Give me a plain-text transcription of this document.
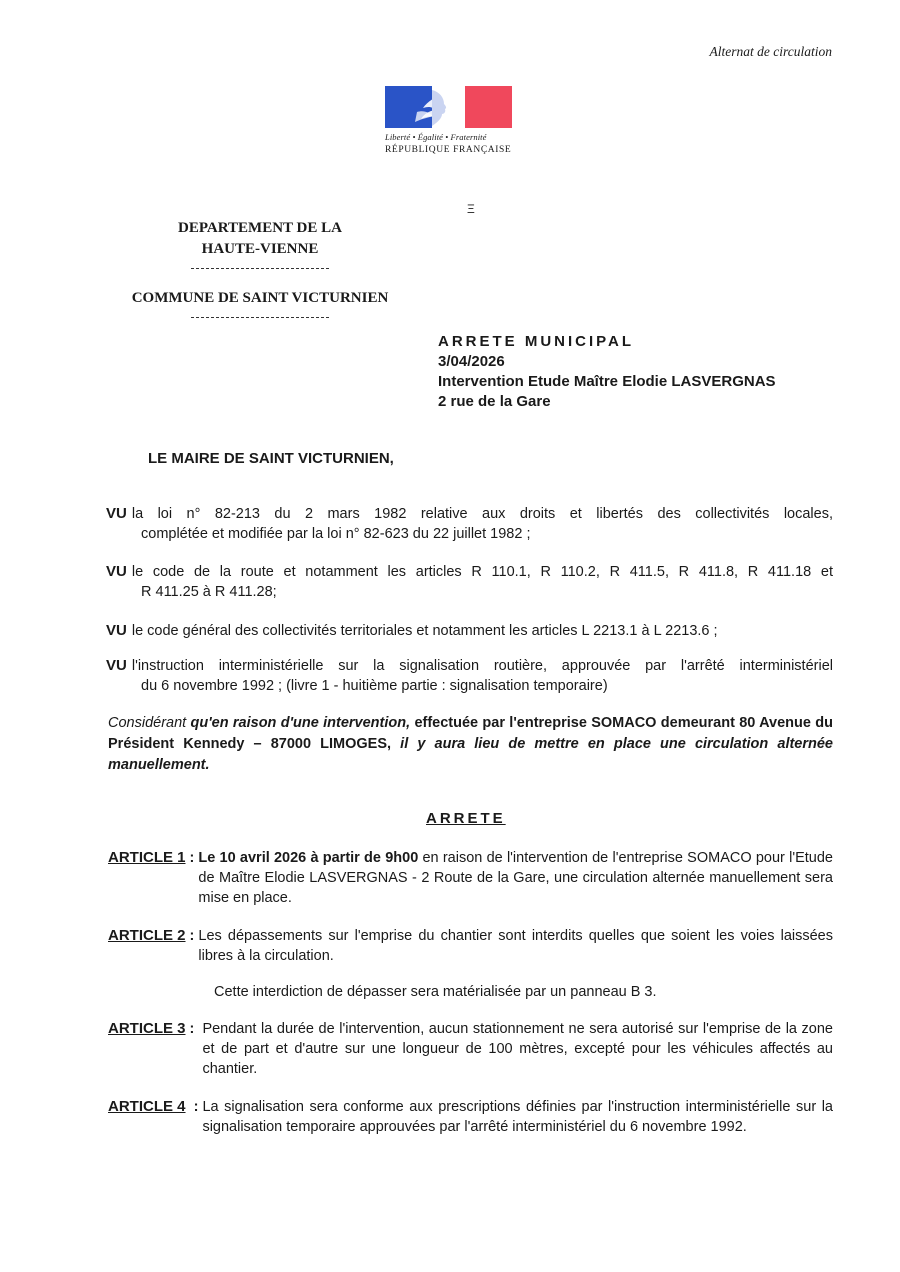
Alternat de circulation
Liberté • Égalité • Fraternité
RÉPUBLIQUE FRANÇAISE
Ξ
DEPARTEMENT DE LA
HAUTE-VIENNE
COMMUNE DE SAINT VICTURNIEN
ARRETE MUNICIPAL
3/04/2026
Intervention Etude Maître Elodie LASVERGNAS
2 rue de la Gare
LE MAIRE DE SAINT VICTURNIEN,
VU la loi n° 82-213 du 2 mars 1982 relative aux droits et libertés des collectivités locales,
complétée et modifiée par la loi n° 82-623 du 22 juillet 1982 ;
VU le code de la route et notamment les articles R 110.1, R 110.2, R 411.5, R 411.8, R 411.18 et
R 411.25 à R 411.28;
VU le code général des collectivités territoriales et notamment les articles L 2213.1 à L 2213.6 ;
VU l'instruction interministérielle sur la signalisation routière, approuvée par l'arrêté interministériel
du 6 novembre 1992 ; (livre 1 - huitième partie : signalisation temporaire)
Considérant qu'en raison d'une intervention, effectuée par l'entreprise SOMACO demeurant 80 Avenue du Président Kennedy – 87000 LIMOGES, il y aura lieu de mettre en place une circulation alternée manuellement.
ARRETE
ARTICLE 1 : Le 10 avril 2026 à partir de 9h00 en raison de l'intervention de l'entreprise SOMACO pour l'Etude de Maître Elodie LASVERGNAS - 2 Route de la Gare, une circulation alternée manuellement sera mise en place.
ARTICLE 2 : Les dépassements sur l'emprise du chantier sont interdits quelles que soient les voies laissées libres à la circulation.
Cette interdiction de dépasser sera matérialisée par un panneau B 3.
ARTICLE 3 : Pendant la durée de l'intervention, aucun stationnement ne sera autorisé sur l'emprise de la zone et de part et d'autre sur une longueur de 100 mètres, excepté pour les véhicules affectés au chantier.
ARTICLE 4 : La signalisation sera conforme aux prescriptions définies par l'instruction interministérielle sur la signalisation temporaire approuvées par l'arrêté interministériel du 6 novembre 1992.
